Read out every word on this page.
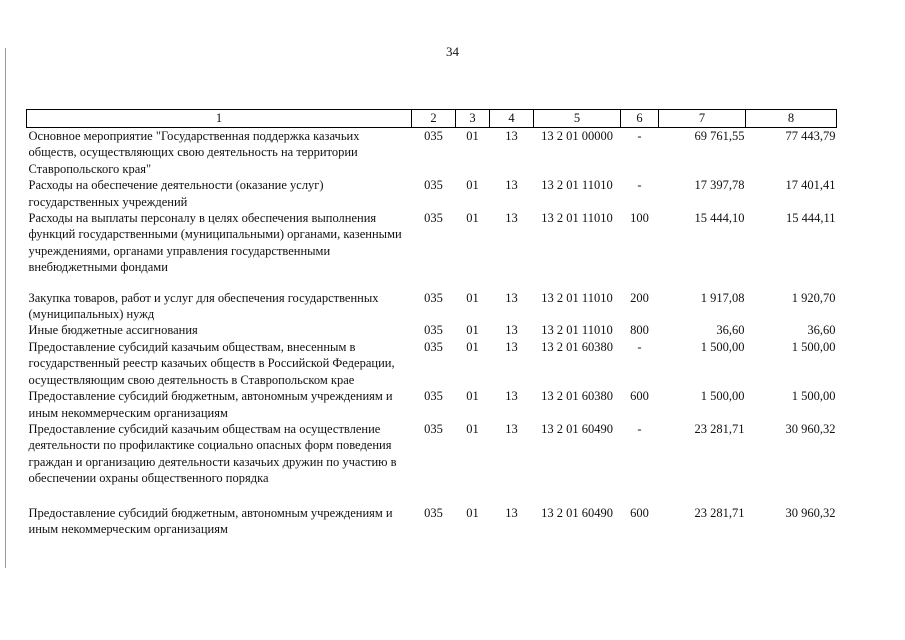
34
1	2	3	4	5	6	7	8
Основное мероприятие "Государственная поддержка казачьих обществ, осуществляющих свою деятельность на территории Ставропольского края"	035	01	13	13 2 01 00000	-	69 761,55	77 443,79
Расходы на обеспечение деятельности (оказание услуг) государственных учреждений	035	01	13	13 2 01 11010	-	17 397,78	17 401,41
Расходы на выплаты персоналу в целях обеспечения выполнения функций государственными (муниципальными) органами, казенными учреждениями, органами управления государственными внебюджетными фондами	035	01	13	13 2 01 11010	100	15 444,10	15 444,11

Закупка товаров, работ и услуг для обеспечения государственных (муниципальных) нужд	035	01	13	13 2 01 11010	200	1 917,08	1 920,70
Иные бюджетные ассигнования	035	01	13	13 2 01 11010	800	36,60	36,60
Предоставление субсидий казачьим обществам, внесенным в государственный реестр казачьих обществ в Российской Федерации, осуществляющим свою деятельность в Ставропольском крае	035	01	13	13 2 01 60380	-	1 500,00	1 500,00
Предоставление субсидий бюджетным, автономным учреждениям и иным некоммерческим организациям	035	01	13	13 2 01 60380	600	1 500,00	1 500,00
Предоставление субсидий казачьим обществам на осуществление деятельности по профилактике социально опасных форм поведения граждан и организацию деятельности казачьих дружин по участию в обеспечении охраны общественного порядка	035	01	13	13 2 01 60490	-	23 281,71	30 960,32

Предоставление субсидий бюджетным, автономным учреждениям и иным некоммерческим организациям	035	01	13	13 2 01 60490	600	23 281,71	30 960,32
